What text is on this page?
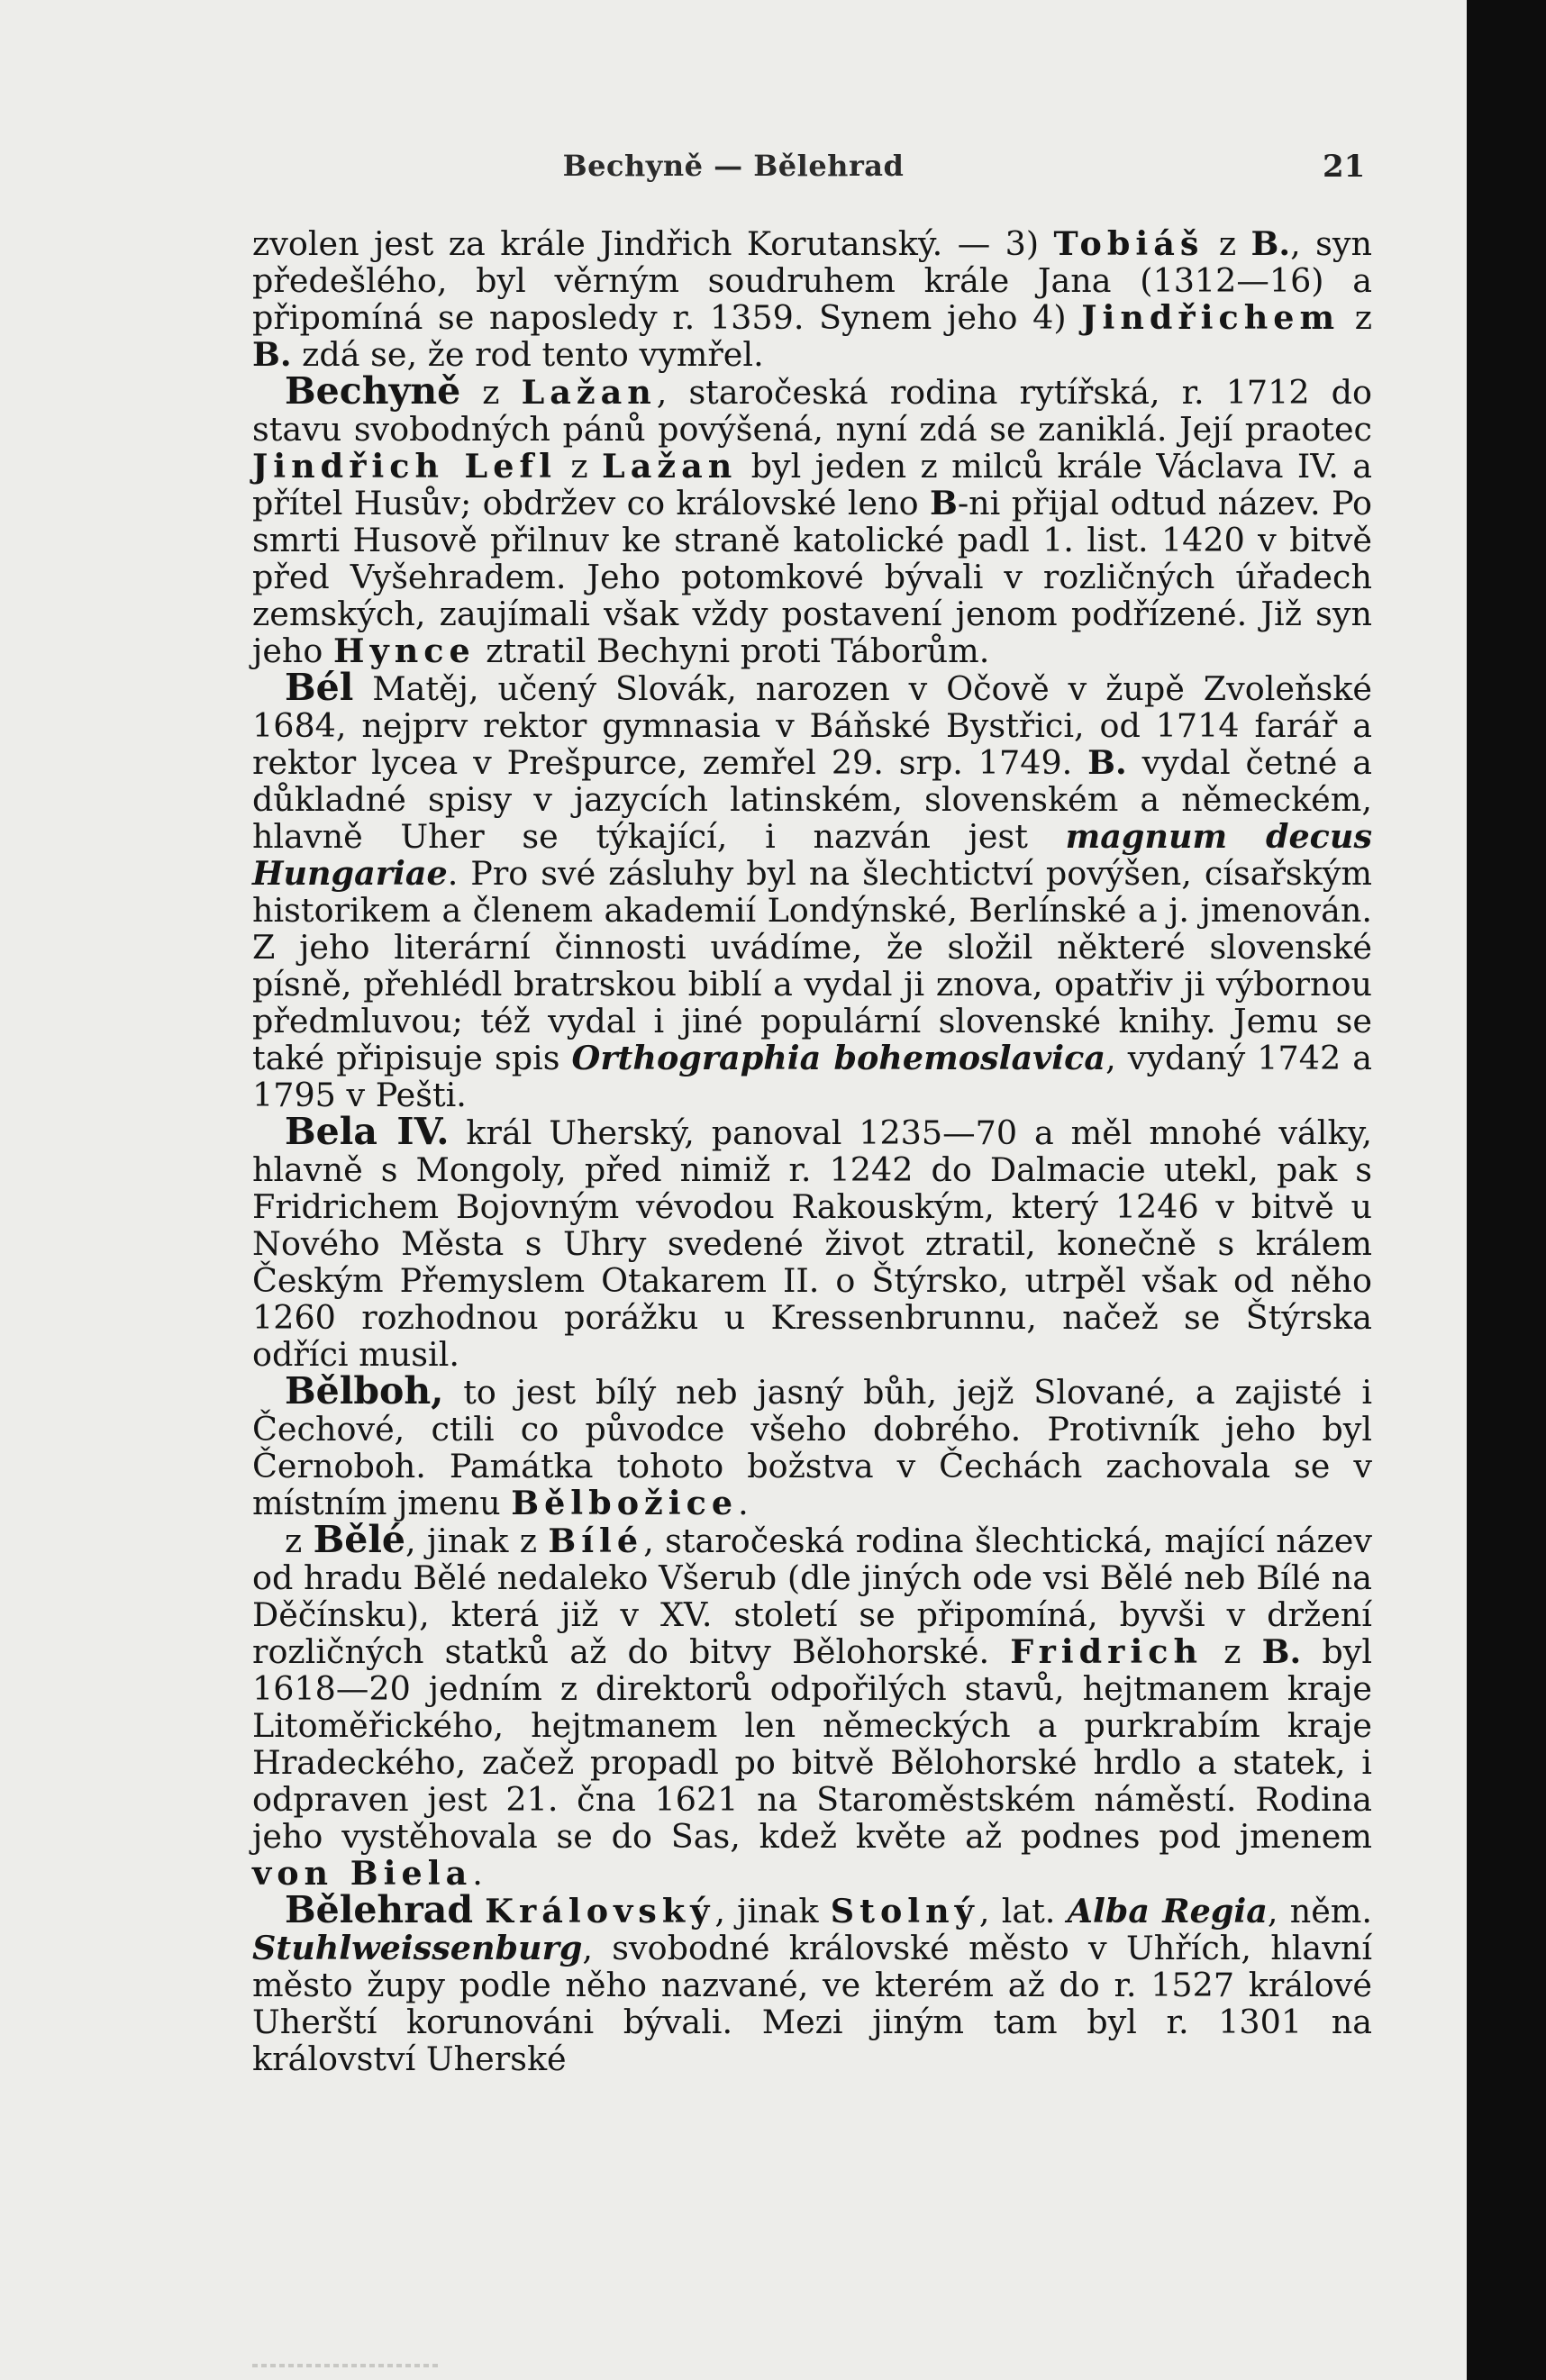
Bechyně — Bělehrad	21

zvolen jest za krále Jindřich Korutanský. — 3) Tobiáš z B., syn předešlého, byl věrným soudruhem krále Jana (1312—16) a připomíná se naposledy r. 1359. Synem jeho 4) Jindřichem z B. zdá se, že rod tento vymřel.

Bechyně z Lažan, staročeská rodina rytířská, r. 1712 do stavu svobodných pánů povýšená, nyní zdá se zaniklá. Její praotec Jindřich Lefl z Lažan byl jeden z milců krále Václava IV. a přítel Husův; obdržev co královské leno B-ni přijal odtud název. Po smrti Husově přilnuv ke straně katolické padl 1. list. 1420 v bitvě před Vyšehradem. Jeho potomkové bývali v rozličných úřadech zemských, zaujímali však vždy postavení jenom podřízené. Již syn jeho Hynce ztratil Bechyni proti Táborům.

Bél Matěj, učený Slovák, narozen v Očově v župě Zvoleňské 1684, nejprv rektor gymnasia v Báňské Bystřici, od 1714 farář a rektor lycea v Prešpurce, zemřel 29. srp. 1749. B. vydal četné a důkladné spisy v jazycích latinském, slovenském a německém, hlavně Uher se týkající, i nazván jest magnum decus Hungariae. Pro své zásluhy byl na šlechtictví povýšen, císařským historikem a členem akademií Londýnské, Berlínské a j. jmenován. Z jeho literární činnosti uvádíme, že složil některé slovenské písně, přehlédl bratrskou biblí a vydal ji znova, opatřiv ji výbornou předmluvou; též vydal i jiné populární slovenské knihy. Jemu se také připisuje spis Orthographia bohemoslavica, vydaný 1742 a 1795 v Pešti.

Bela IV. král Uherský, panoval 1235—70 a měl mnohé války, hlavně s Mongoly, před nimiž r. 1242 do Dalmacie utekl, pak s Fridrichem Bojovným vévodou Rakouským, který 1246 v bitvě u Nového Města s Uhry svedené život ztratil, konečně s králem Českým Přemyslem Otakarem II. o Štýrsko, utrpěl však od něho 1260 rozhodnou porážku u Kressenbrunnu, načež se Štýrska odříci musil.

Bělboh, to jest bílý neb jasný bůh, jejž Slované, a zajisté i Čechové, ctili co původce všeho dobrého. Protivník jeho byl Černoboh. Památka tohoto božstva v Čechách zachovala se v místním jmenu Bělbožice.

z Bělé, jinak z Bílé, staročeská rodina šlechtická, mající název od hradu Bělé nedaleko Všerub (dle jiných ode vsi Bělé neb Bílé na Děčínsku), která již v XV. století se připomíná, byvši v držení rozličných statků až do bitvy Bělohorské. Fridrich z B. byl 1618—20 jedním z direktorů odpořilých stavů, hejtmanem kraje Litoměřického, hejtmanem len německých a purkrabím kraje Hradeckého, začež propadl po bitvě Bělohorské hrdlo a statek, i odpraven jest 21. čna 1621 na Staroměstském náměstí. Rodina jeho vystěhovala se do Sas, kdež květe až podnes pod jmenem von Biela.

Bělehrad Královský, jinak Stolný, lat. Alba Regia, něm. Stuhlweissenburg, svobodné královské město v Uhřích, hlavní město župy podle něho nazvané, ve kterém až do r. 1527 králové Uherští korunováni bývali. Mezi jiným tam byl r. 1301 na království Uherské
